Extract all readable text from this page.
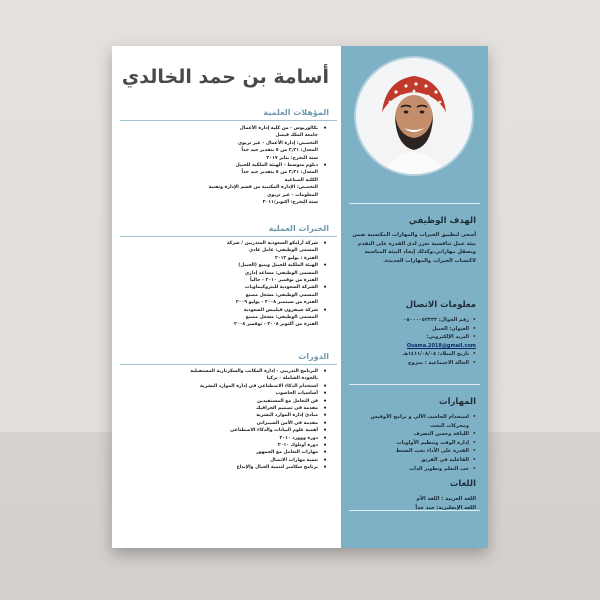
الهدف الوظيفي
أسعى لتطبيق الخبرات والمهارات المكتسبة ضمن بيئة عمل تنافسية تعزز لدى القدرة على التقدم وتصقل مهاراتي،وكذلك إيجاد البيئة المناسبة لاكتساب الخبرات والمهارات الجديدة.
معلومات الاتصال
• رقم الجوال: ٠٥٠٠٠٠٥٣٣٣٣
• العنوان: الجبيل
• البريد الإلكتروني:
Osama.2018@gmail.com
• تاريخ الميلاد: ١٤١١/٠٨/٠٥هـ
• الحالة الاجتماعية : متزوج
المهارات
• استخدام الحاسب الآلي و برامج الأوفيس ومحركات البحث
• اللباقة وحسن التصرف
• إدارة الوقت وتنظيم الأولويات
• القدرة على الأداء تحت الضغط
• الفاعلية في الفريق
• حب التعلم وتطوير الذات
اللغات
اللغة العربية : اللغة الأم
اللغة الإنجليزية: جيد جداً
أسامة بن حمد الخالدي
المؤهلات العلمية
• بكالوريوس - من كلية إدارة الأعمال
جامعة الملك فيصل
التخصص: إدارة الأعمال - غير تربوي
المعدل: ٣٫٢١ من ٥ بتقدير جيد جداً
سنة التخرج: يناير ٢٠١٧
• دبلوم متوسط - الهيئة الملكية للجبيل
المعدل: ٣٫٢١ من ٥ بتقدير جيد جداً
الكلية الصناعية
التخصص: الإدارة المكتبية من قسم الإدارة وتقنية
المعلومات - غير تربوي
سنة التخرج: أكتوبر/٢٠١١
الخبرات العملية
• شركة أرامكو السعودية المتدربين / شركة
المسمى الوظيفي: عامل عادي
الفترة : يوليو ٢٠١٢
• الهيئة الملكية للجبيل وينبع (الجبيل)
المسمى الوظيفي: مساعد إداري
الفترة من نوفمبر ٢٠١٠ - حالياً
• الشركة السعودية للبتروكيماويات
المسمى الوظيفي: مشغل مصنع
الفترة من سبتمبر ٢٠٠٨ - يوليو ٢٠٠٩
• شركة شيفرون فيليبس السعودية
المسمى الوظيفي: مشغل مصنع
الفترة من أكتوبر ٢٠٠٨ - نوفمبر ٢٠٠٨
الدورات
• البرنامج التدريبي - إدارة المكاتب والسكرتارية المستقبلية
بالجودة الشاملة - تركيا
• استخدام الذكاء الاصطناعي في إدارة الموارد البشرية
• أساسيات الحاسوب
• فن التعامل مع المستفيدين
• مقدمة في تصميم الجرافيك
• مبادئ إدارة الموارد البشرية
• مقدمة في الأمن السيبراني
• أهمية علوم البيانات والذكاء الاصطناعي
• دورة ووورد ٢٠١٠
• دورة أوتلوك ٢٠١٠
• مهارات التعامل مع الجمهور
• تنمية مهارات الاتصال
• برنامج سكامبر لتنمية الخيال والإبداع
